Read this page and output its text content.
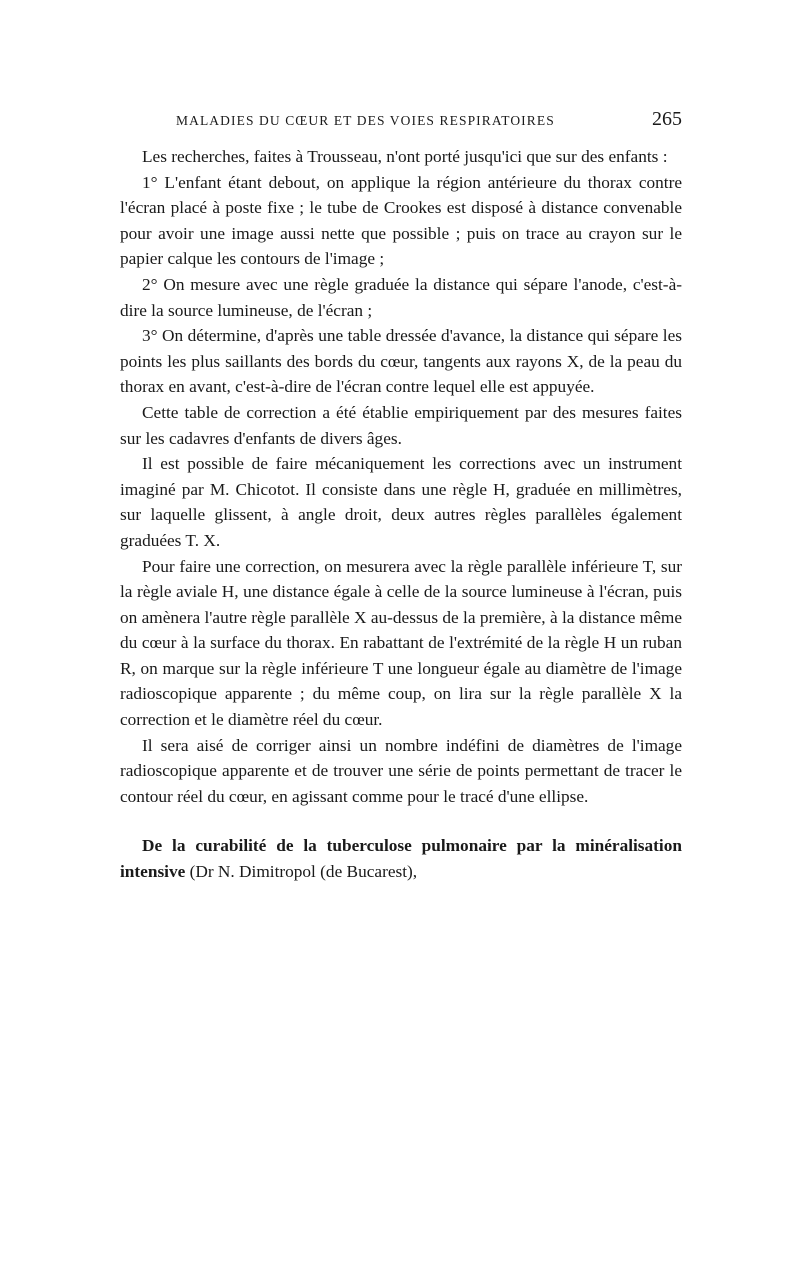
MALADIES DU CŒUR ET DES VOIES RESPIRATOIRES	265

Les recherches, faites à Trousseau, n'ont porté jusqu'ici que sur des enfants :

1° L'enfant étant debout, on applique la région antérieure du thorax contre l'écran placé à poste fixe ; le tube de Crookes est disposé à distance convenable pour avoir une image aussi nette que possible ; puis on trace au crayon sur le papier calque les contours de l'image ;

2° On mesure avec une règle graduée la distance qui sépare l'anode, c'est-à-dire la source lumineuse, de l'écran ;

3° On détermine, d'après une table dressée d'avance, la distance qui sépare les points les plus saillants des bords du cœur, tangents aux rayons X, de la peau du thorax en avant, c'est-à-dire de l'écran contre lequel elle est appuyée.

Cette table de correction a été établie empiriquement par des mesures faites sur les cadavres d'enfants de divers âges.

Il est possible de faire mécaniquement les corrections avec un instrument imaginé par M. Chicotot. Il consiste dans une règle H, graduée en millimètres, sur laquelle glissent, à angle droit, deux autres règles parallèles également graduées T. X.

Pour faire une correction, on mesurera avec la règle parallèle inférieure T, sur la règle aviale H, une distance égale à celle de la source lumineuse à l'écran, puis on amènera l'autre règle parallèle X au-dessus de la première, à la distance même du cœur à la surface du thorax. En rabattant de l'extrémité de la règle H un ruban R, on marque sur la règle inférieure T une longueur égale au diamètre de l'image radioscopique apparente ; du même coup, on lira sur la règle parallèle X la correction et le diamètre réel du cœur.

Il sera aisé de corriger ainsi un nombre indéfini de diamètres de l'image radioscopique apparente et de trouver une série de points permettant de tracer le contour réel du cœur, en agissant comme pour le tracé d'une ellipse.

De la curabilité de la tuberculose pulmonaire par la minéralisation intensive (Dr N. Dimitropol (de Bucarest),
